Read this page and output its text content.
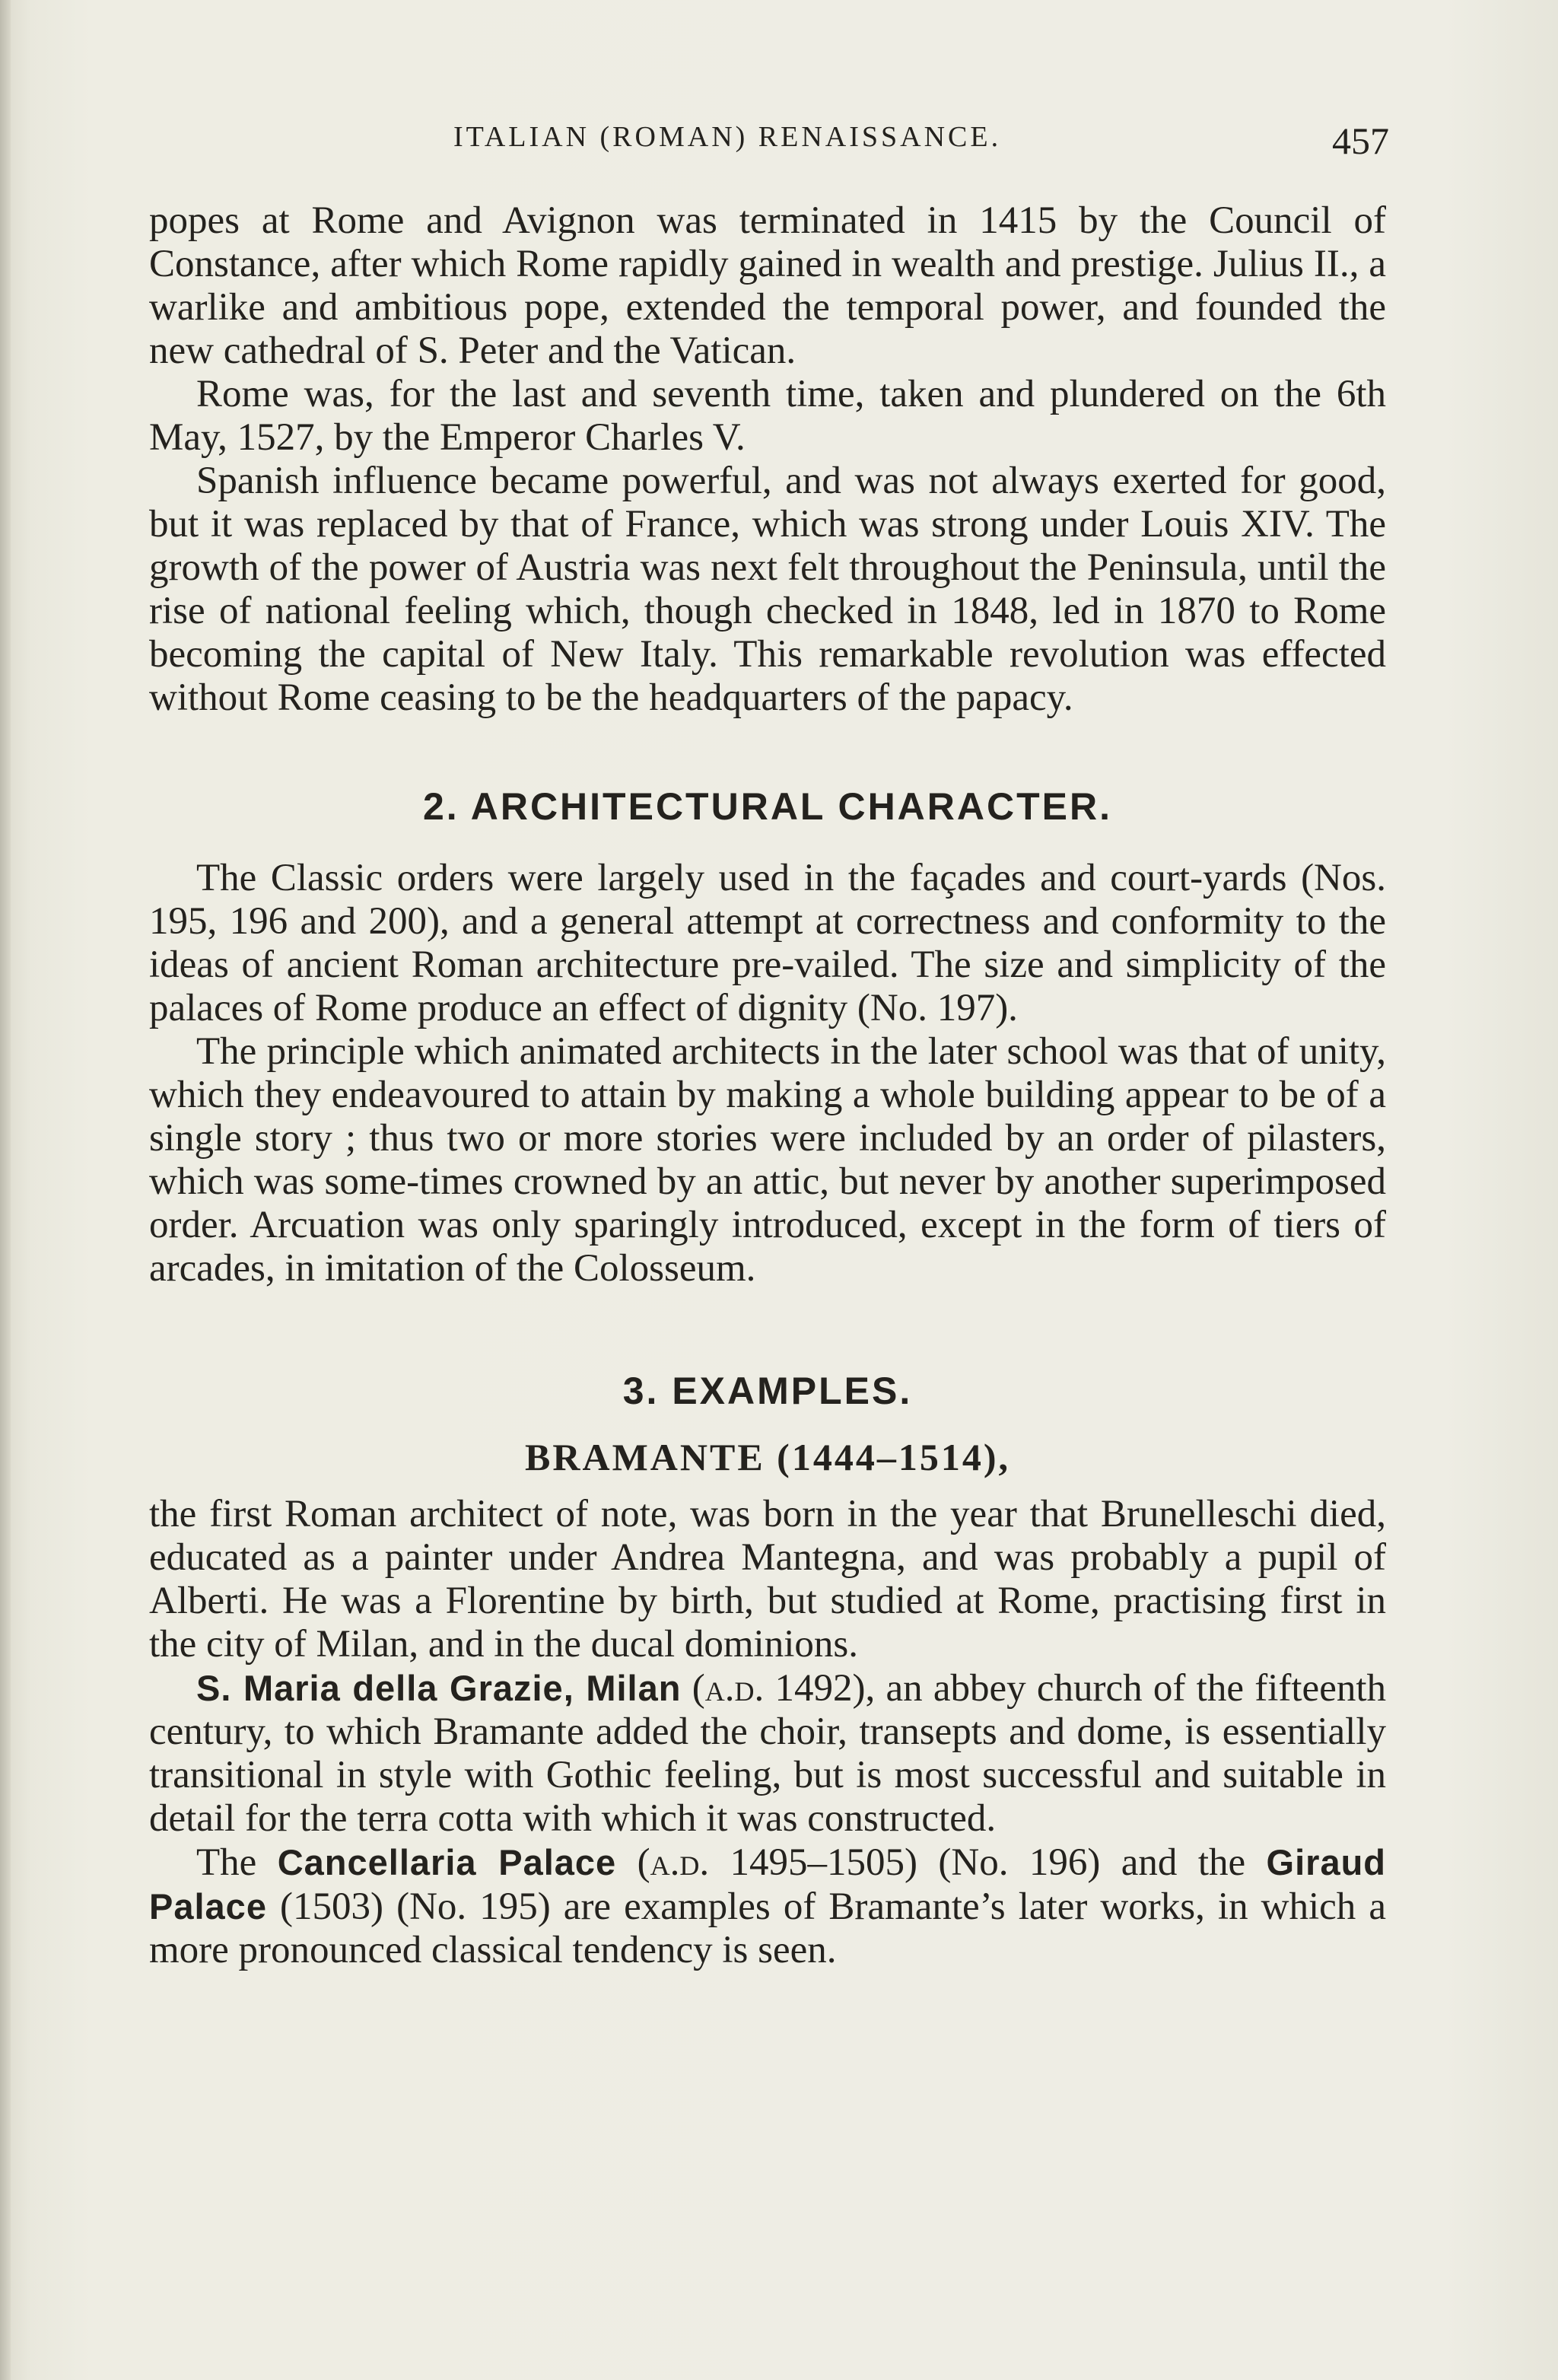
ITALIAN (ROMAN) RENAISSANCE.	457

popes at Rome and Avignon was terminated in 1415 by the Council of Constance, after which Rome rapidly gained in wealth and prestige. Julius II., a warlike and ambitious pope, extended the temporal power, and founded the new cathedral of S. Peter and the Vatican.

Rome was, for the last and seventh time, taken and plundered on the 6th May, 1527, by the Emperor Charles V.

Spanish influence became powerful, and was not always exerted for good, but it was replaced by that of France, which was strong under Louis XIV. The growth of the power of Austria was next felt throughout the Peninsula, until the rise of national feeling which, though checked in 1848, led in 1870 to Rome becoming the capital of New Italy. This remarkable revolution was effected without Rome ceasing to be the headquarters of the papacy.

2. ARCHITECTURAL CHARACTER.

The Classic orders were largely used in the façades and court-yards (Nos. 195, 196 and 200), and a general attempt at correctness and conformity to the ideas of ancient Roman architecture pre-vailed. The size and simplicity of the palaces of Rome produce an effect of dignity (No. 197).

The principle which animated architects in the later school was that of unity, which they endeavoured to attain by making a whole building appear to be of a single story ; thus two or more stories were included by an order of pilasters, which was some-times crowned by an attic, but never by another superimposed order. Arcuation was only sparingly introduced, except in the form of tiers of arcades, in imitation of the Colosseum.

3. EXAMPLES.
BRAMANTE (1444–1514),

the first Roman architect of note, was born in the year that Brunelleschi died, educated as a painter under Andrea Mantegna, and was probably a pupil of Alberti. He was a Florentine by birth, but studied at Rome, practising first in the city of Milan, and in the ducal dominions.

S. Maria della Grazie, Milan (a.d. 1492), an abbey church of the fifteenth century, to which Bramante added the choir, transepts and dome, is essentially transitional in style with Gothic feeling, but is most successful and suitable in detail for the terra cotta with which it was constructed.

The Cancellaria Palace (a.d. 1495–1505) (No. 196) and the Giraud Palace (1503) (No. 195) are examples of Bramante’s later works, in which a more pronounced classical tendency is seen.
